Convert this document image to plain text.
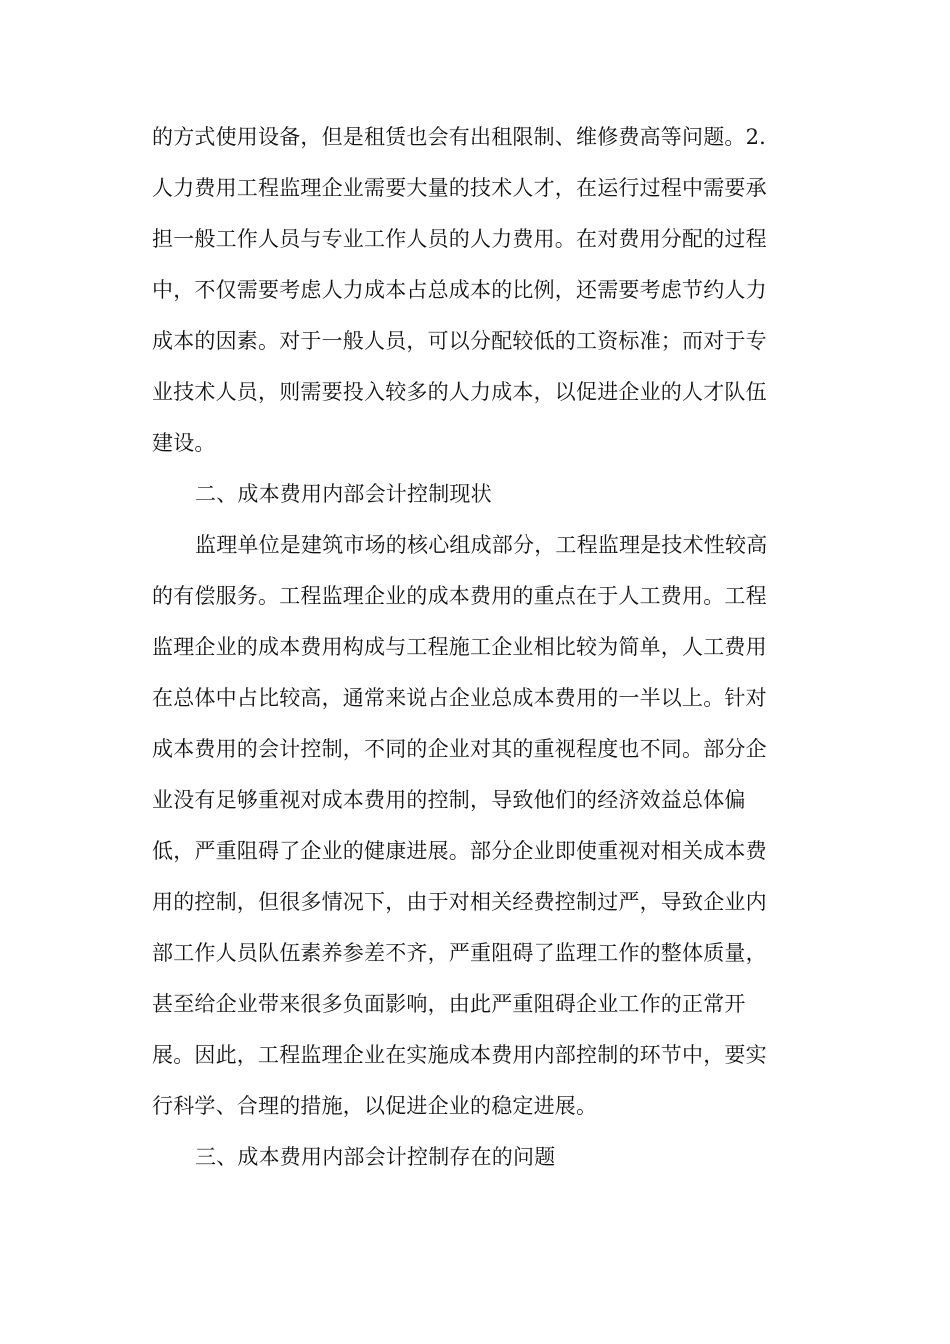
的方式使用设备，但是租赁也会有出租限制、维修费高等问题。2.
人力费用工程监理企业需要大量的技术人才，在运行过程中需要承
担一般工作人员与专业工作人员的人力费用。在对费用分配的过程
中，不仅需要考虑人力成本占总成本的比例，还需要考虑节约人力
成本的因素。对于一般人员，可以分配较低的工资标准；而对于专
业技术人员，则需要投入较多的人力成本，以促进企业的人才队伍
建设。
二、成本费用内部会计控制现状
监理单位是建筑市场的核心组成部分，工程监理是技术性较高
的有偿服务。工程监理企业的成本费用的重点在于人工费用。工程
监理企业的成本费用构成与工程施工企业相比较为简单，人工费用
在总体中占比较高，通常来说占企业总成本费用的一半以上。针对
成本费用的会计控制，不同的企业对其的重视程度也不同。部分企
业没有足够重视对成本费用的控制，导致他们的经济效益总体偏
低，严重阻碍了企业的健康进展。部分企业即使重视对相关成本费
用的控制，但很多情况下，由于对相关经费控制过严，导致企业内
部工作人员队伍素养参差不齐，严重阻碍了监理工作的整体质量，
甚至给企业带来很多负面影响，由此严重阻碍企业工作的正常开
展。因此，工程监理企业在实施成本费用内部控制的环节中，要实
行科学、合理的措施，以促进企业的稳定进展。
三、成本费用内部会计控制存在的问题
